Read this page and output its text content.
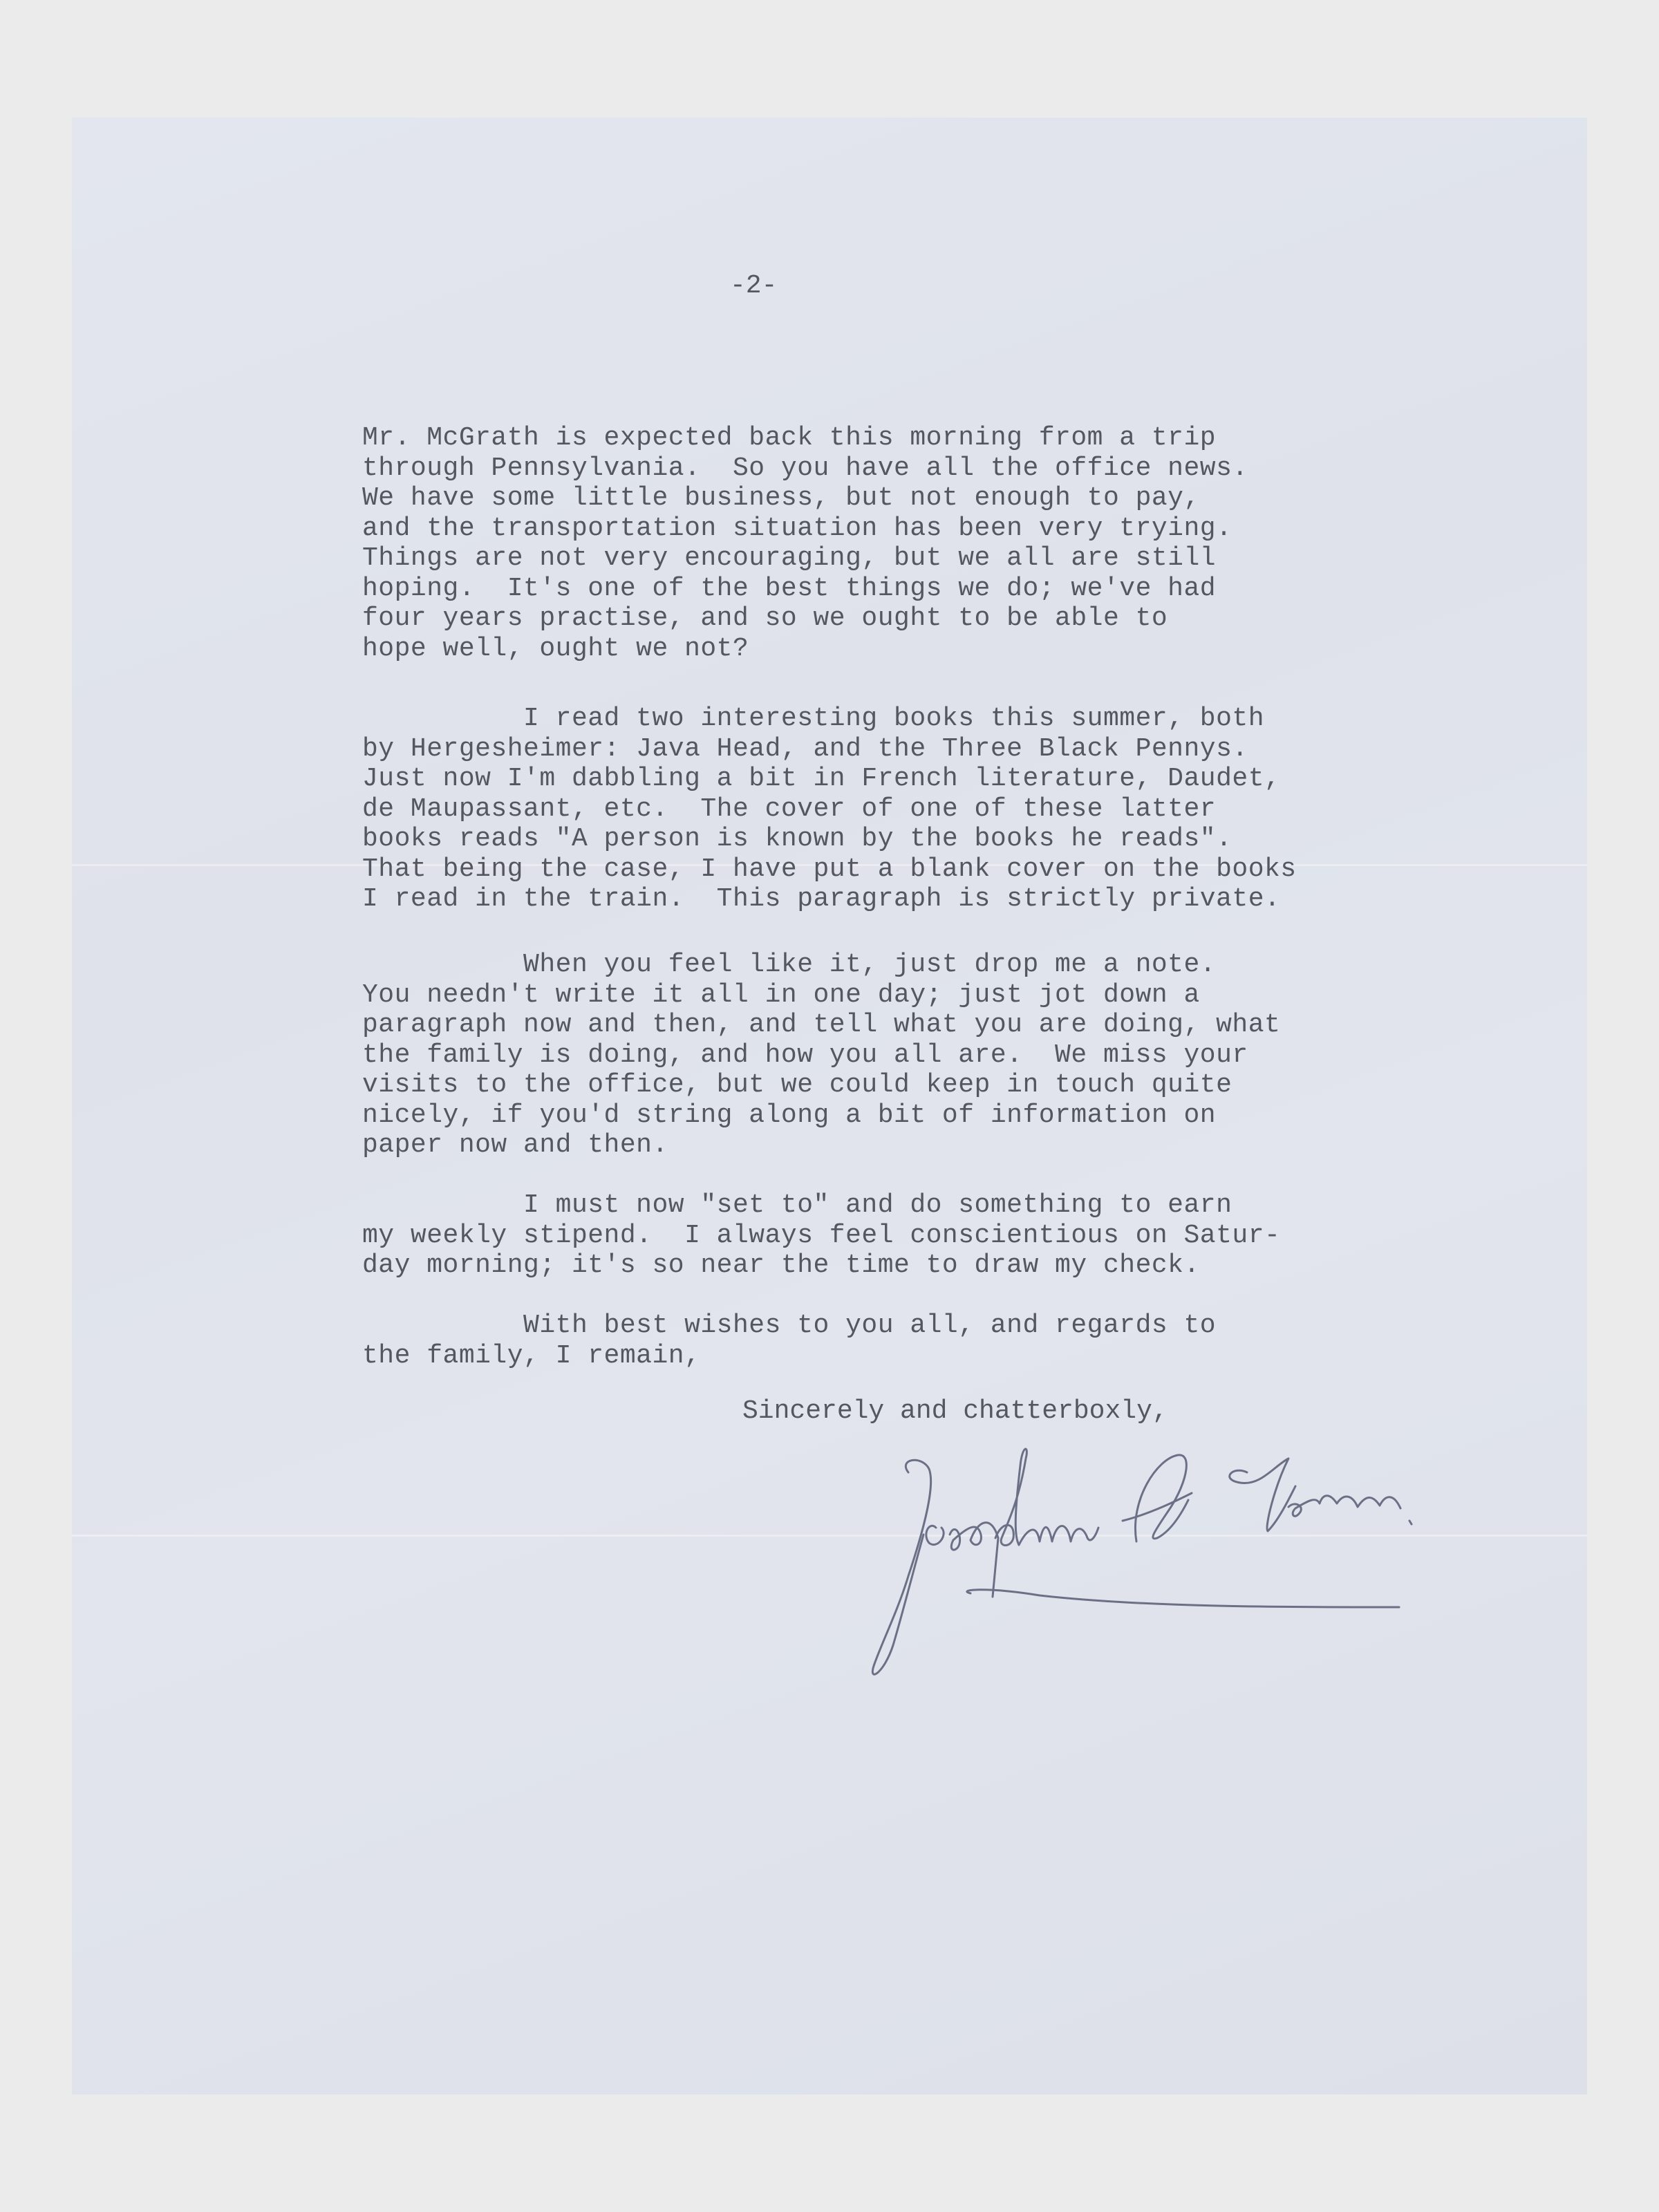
-2-
Mr. McGrath is expected back this morning from a trip
through Pennsylvania.  So you have all the office news.
We have some little business, but not enough to pay,
and the transportation situation has been very trying.
Things are not very encouraging, but we all are still
hoping.  It's one of the best things we do; we've had
four years practise, and so we ought to be able to
hope well, ought we not?
I read two interesting books this summer, both
by Hergesheimer: Java Head, and the Three Black Pennys.
Just now I'm dabbling a bit in French literature, Daudet,
de Maupassant, etc.  The cover of one of these latter
books reads "A person is known by the books he reads".
That being the case, I have put a blank cover on the books
I read in the train.  This paragraph is strictly private.
When you feel like it, just drop me a note.
You needn't write it all in one day; just jot down a
paragraph now and then, and tell what you are doing, what
the family is doing, and how you all are.  We miss your
visits to the office, but we could keep in touch quite
nicely, if you'd string along a bit of information on
paper now and then.
I must now "set to" and do something to earn
my weekly stipend.  I always feel conscientious on Satur-
day morning; it's so near the time to draw my check.
With best wishes to you all, and regards to
the family, I remain,
Sincerely and chatterboxly,
